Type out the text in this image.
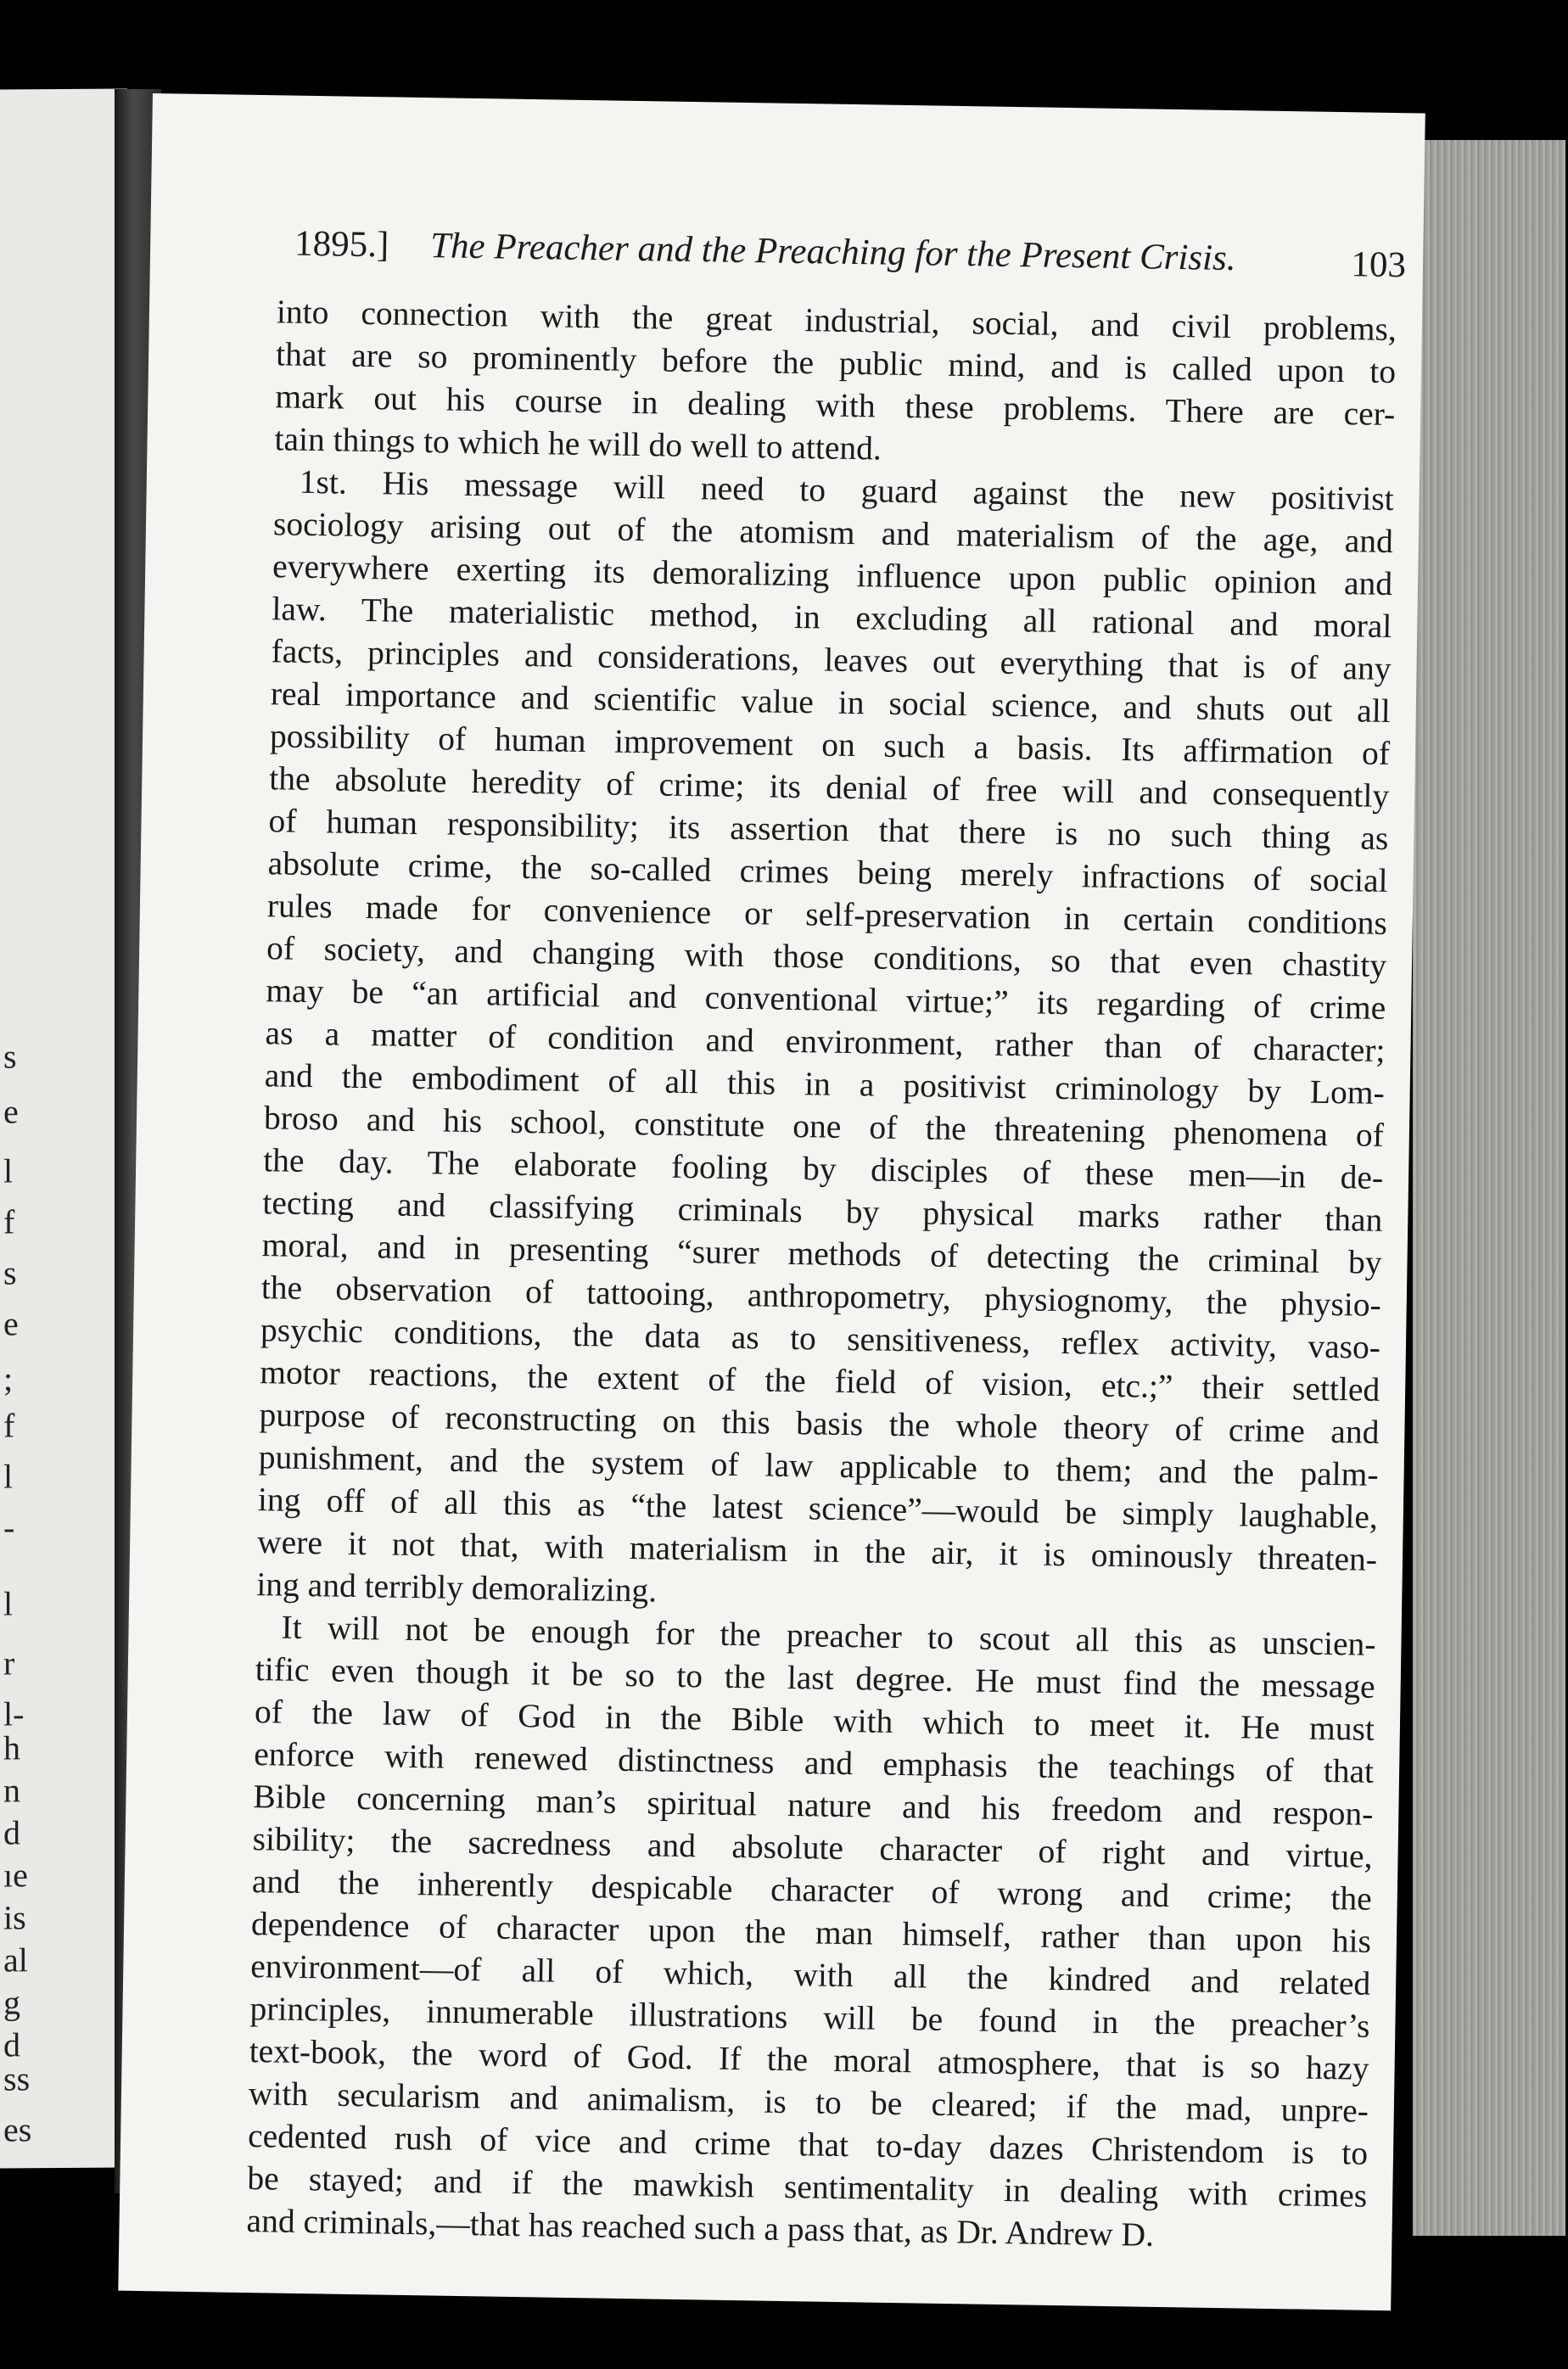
s
e
l
f
s
e
;
f
l
-
l
r
l-
h
n
d
ıe
is
al
g
d
ss
es
1895.] The Preacher and the Preaching for the Present Crisis.	103
into connection with the great industrial, social, and civil problems,
that are so prominently before the public mind, and is called upon to
mark out his course in dealing with these problems. There are cer-
tain things to which he will do well to attend.
1st. His message will need to guard against the new positivist
sociology arising out of the atomism and materialism of the age, and
everywhere exerting its demoralizing influence upon public opinion and
law. The materialistic method, in excluding all rational and moral
facts, principles and considerations, leaves out everything that is of any
real importance and scientific value in social science, and shuts out all
possibility of human improvement on such a basis. Its affirmation of
the absolute heredity of crime; its denial of free will and consequently
of human responsibility; its assertion that there is no such thing as
absolute crime, the so-called crimes being merely infractions of social
rules made for convenience or self-preservation in certain conditions
of society, and changing with those conditions, so that even chastity
may be “an artificial and conventional virtue;” its regarding of crime
as a matter of condition and environment, rather than of character;
and the embodiment of all this in a positivist criminology by Lom-
broso and his school, constitute one of the threatening phenomena of
the day. The elaborate fooling by disciples of these men—in de-
tecting and classifying criminals by physical marks rather than
moral, and in presenting “surer methods of detecting the criminal by
the observation of tattooing, anthropometry, physiognomy, the physio-
psychic conditions, the data as to sensitiveness, reflex activity, vaso-
motor reactions, the extent of the field of vision, etc.;” their settled
purpose of reconstructing on this basis the whole theory of crime and
punishment, and the system of law applicable to them; and the palm-
ing off of all this as “the latest science”—would be simply laughable,
were it not that, with materialism in the air, it is ominously threaten-
ing and terribly demoralizing.
It will not be enough for the preacher to scout all this as unscien-
tific even though it be so to the last degree. He must find the message
of the law of God in the Bible with which to meet it. He must
enforce with renewed distinctness and emphasis the teachings of that
Bible concerning man’s spiritual nature and his freedom and respon-
sibility; the sacredness and absolute character of right and virtue,
and the inherently despicable character of wrong and crime; the
dependence of character upon the man himself, rather than upon his
environment—of all of which, with all the kindred and related
principles, innumerable illustrations will be found in the preacher’s
text-book, the word of God. If the moral atmosphere, that is so hazy
with secularism and animalism, is to be cleared; if the mad, unpre-
cedented rush of vice and crime that to-day dazes Christendom is to
be stayed; and if the mawkish sentimentality in dealing with crimes
and criminals,—that has reached such a pass that, as Dr. Andrew D.
